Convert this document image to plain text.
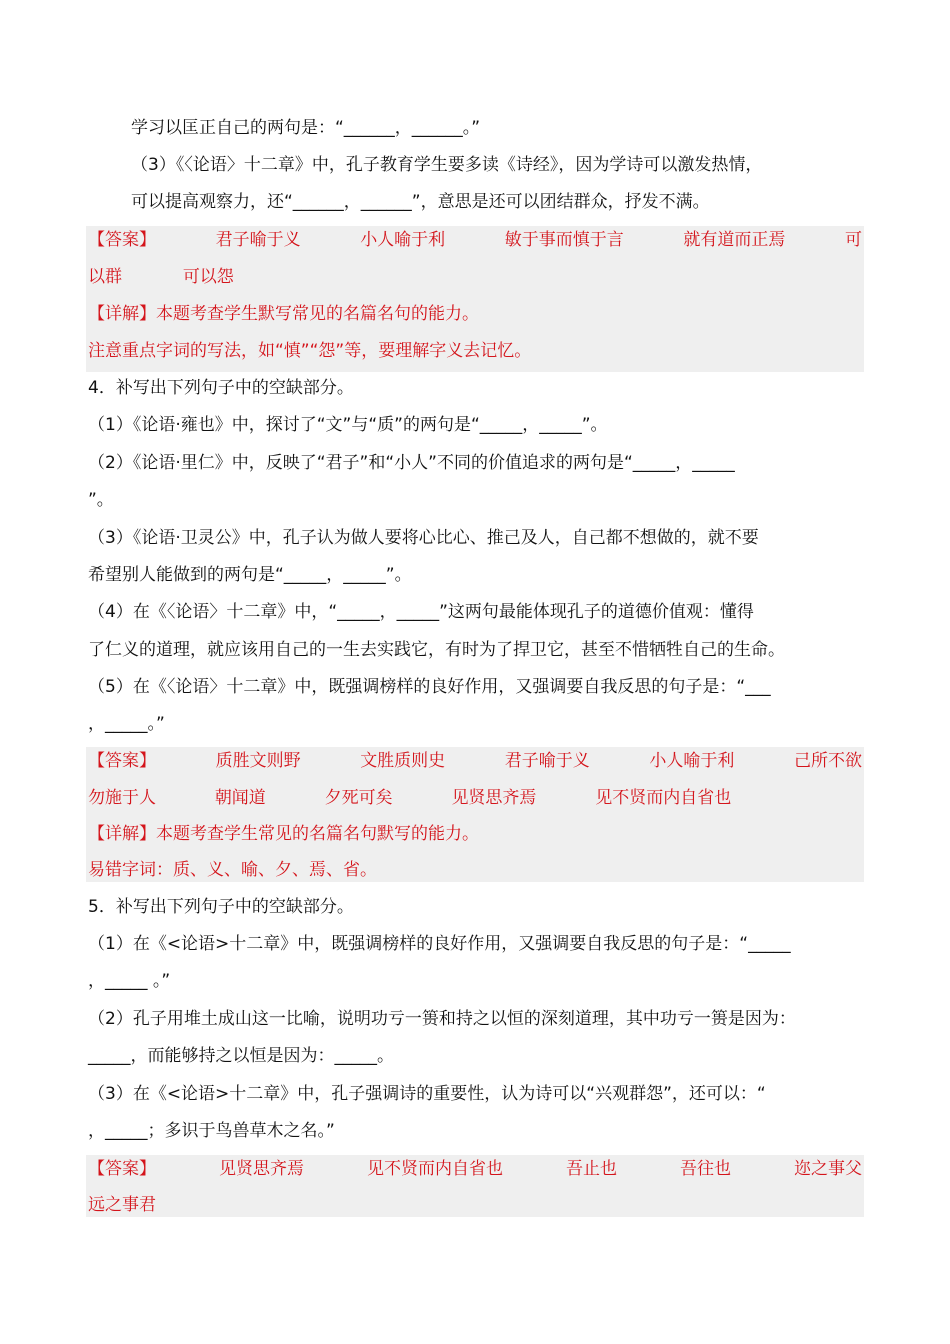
学习以匡正自己的两句是：“______，______。”
（3）《〈论语〉十二章》中，孔子教育学生要多读《诗经》，因为学诗可以激发热情，
可以提高观察力，还“______，______”，意思是还可以团结群众，抒发不满。
【答案】	君子喻于义	小人喻于利	敏于事而慎于言	就有道而正焉	可
以群	可以怨
【详解】本题考查学生默写常见的名篇名句的能力。
注意重点字词的写法，如“慎”“怨”等，要理解字义去记忆。
4．补写出下列句子中的空缺部分。
（1）《论语·雍也》中，探讨了“文”与“质”的两句是“_____，_____”。
（2）《论语·里仁》中，反映了“君子”和“小人”不同的价值追求的两句是“_____，_____
”。
（3）《论语·卫灵公》中，孔子认为做人要将心比心、推己及人，自己都不想做的，就不要
希望别人能做到的两句是“_____，_____”。
（4）在《〈论语〉十二章》中，“_____，_____”这两句最能体现孔子的道德价值观：懂得
了仁义的道理，就应该用自己的一生去实践它，有时为了捍卫它，甚至不惜牺牲自己的生命。
（5）在《〈论语〉十二章》中，既强调榜样的良好作用，又强调要自我反思的句子是：“___
，_____。”
【答案】	质胜文则野	文胜质则史	君子喻于义	小人喻于利	己所不欲
勿施于人	朝闻道	夕死可矣	见贤思齐焉	见不贤而内自省也
【详解】本题考查学生常见的名篇名句默写的能力。
易错字词：质、义、喻、夕、焉、省。
5．补写出下列句子中的空缺部分。
（1）在《<论语>十二章》中，既强调榜样的良好作用，又强调要自我反思的句子是：“_____
，_____ 。”
（2）孔子用堆土成山这一比喻，说明功亏一篑和持之以恒的深刻道理，其中功亏一篑是因为：
_____，而能够持之以恒是因为：_____。
（3）在《<论语>十二章》中，孔子强调诗的重要性，认为诗可以“兴观群怨”，还可以：“
，_____；多识于鸟兽草木之名。”
【答案】	见贤思齐焉	见不贤而内自省也	吾止也	吾往也	迩之事父
远之事君
